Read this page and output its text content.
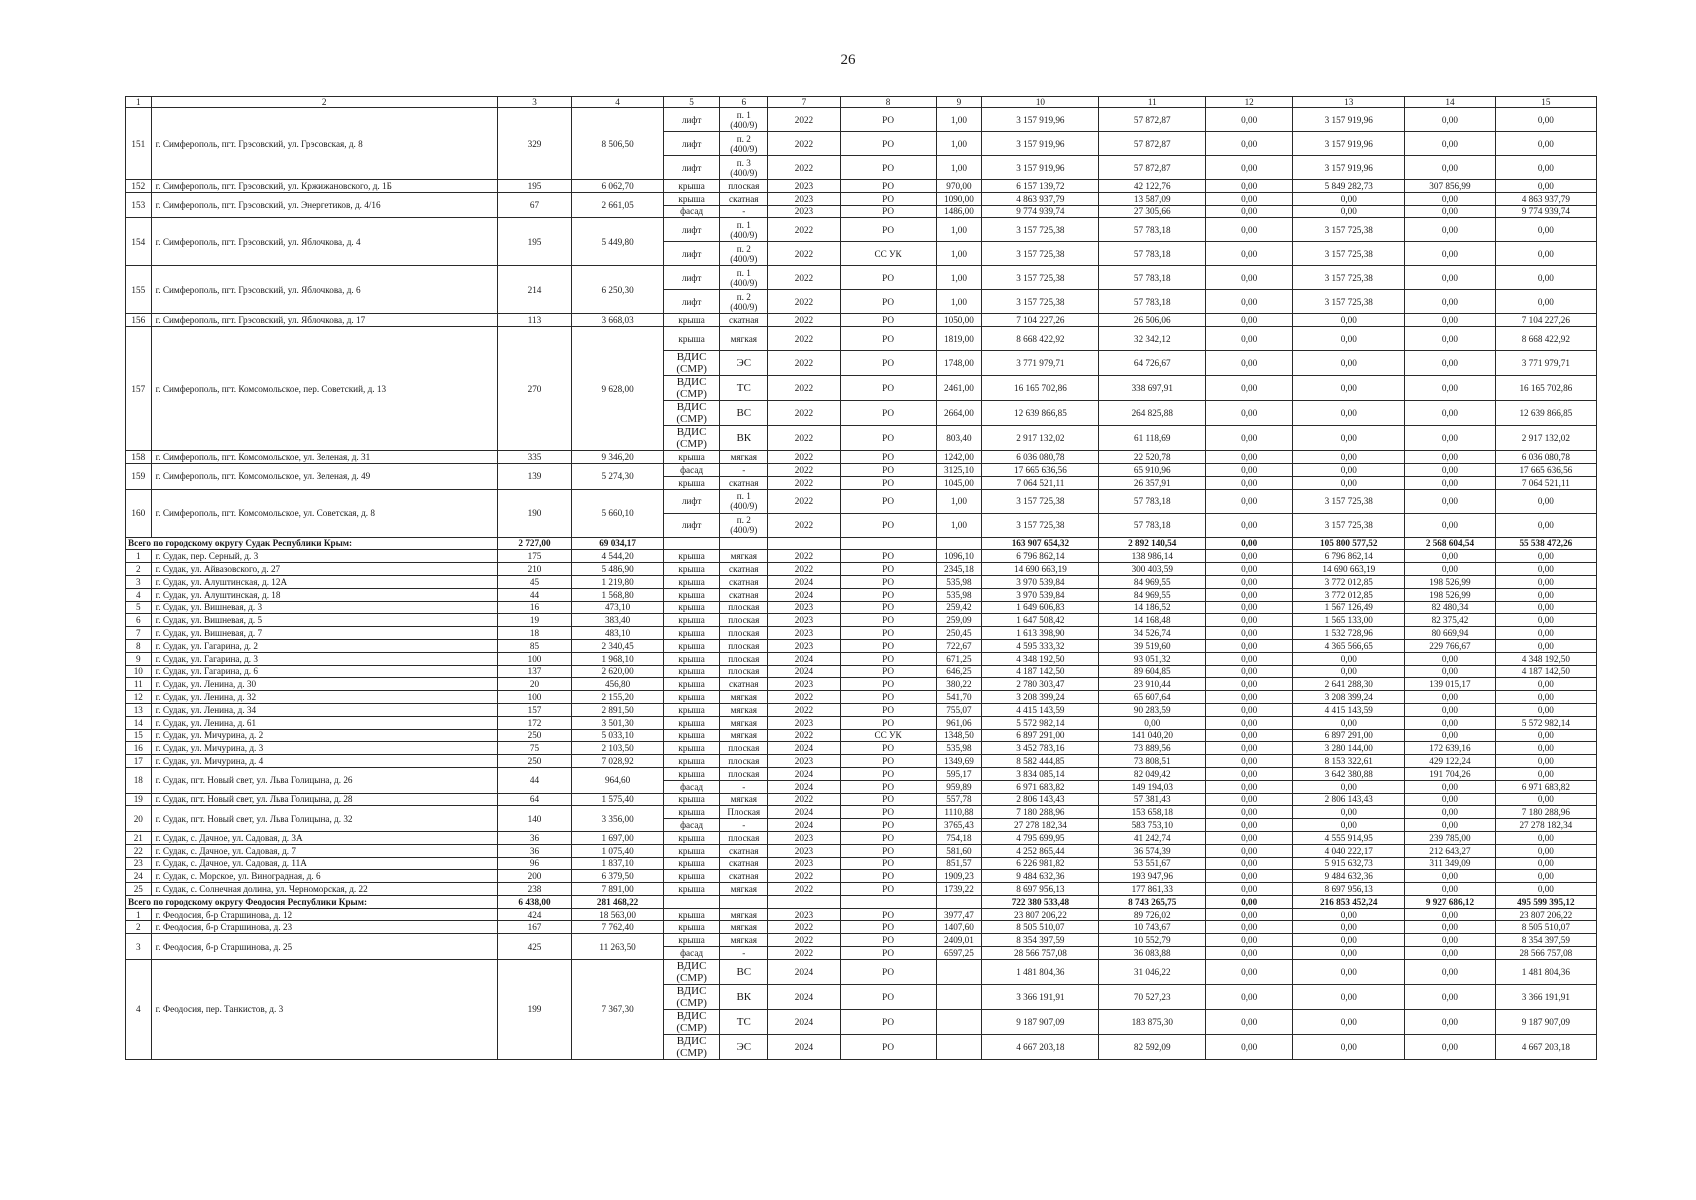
26
1	2	3	4	5	6	7	8	9	10	11	12	13	14	15
151	г. Симферополь, пгт. Грэсовский, ул. Грэсовская, д. 8	329	8 506,50	лифт	п. 1 (400/9)	2022	РО	1,00	3 157 919,96	57 872,87	0,00	3 157 919,96	0,00	0,00
				лифт	п. 2 (400/9)	2022	РО	1,00	3 157 919,96	57 872,87	0,00	3 157 919,96	0,00	0,00
				лифт	п. 3 (400/9)	2022	РО	1,00	3 157 919,96	57 872,87	0,00	3 157 919,96	0,00	0,00
152	г. Симферополь, пгт. Грэсовский, ул. Кржижановского, д. 1Б	195	6 062,70	крыша	плоская	2023	РО	970,00	6 157 139,72	42 122,76	0,00	5 849 282,73	307 856,99	0,00
153	г. Симферополь, пгт. Грэсовский, ул. Энергетиков, д. 4/16	67	2 661,05	крыша	скатная	2023	РО	1090,00	4 863 937,79	13 587,09	0,00	0,00	0,00	4 863 937,79
				фасад	-	2023	РО	1486,00	9 774 939,74	27 305,66	0,00	0,00	0,00	9 774 939,74
154	г. Симферополь, пгт. Грэсовский, ул. Яблочкова, д. 4	195	5 449,80	лифт	п. 1 (400/9)	2022	РО	1,00	3 157 725,38	57 783,18	0,00	3 157 725,38	0,00	0,00
				лифт	п. 2 (400/9)	2022	СС УК	1,00	3 157 725,38	57 783,18	0,00	3 157 725,38	0,00	0,00
155	г. Симферополь, пгт. Грэсовский, ул. Яблочкова, д. 6	214	6 250,30	лифт	п. 1 (400/9)	2022	РО	1,00	3 157 725,38	57 783,18	0,00	3 157 725,38	0,00	0,00
				лифт	п. 2 (400/9)	2022	РО	1,00	3 157 725,38	57 783,18	0,00	3 157 725,38	0,00	0,00
156	г. Симферополь, пгт. Грэсовский, ул. Яблочкова, д. 17	113	3 668,03	крыша	скатная	2022	РО	1050,00	7 104 227,26	26 506,06	0,00	0,00	0,00	7 104 227,26
157	г. Симферополь, пгт. Комсомольское, пер. Советский, д. 13	270	9 628,00	крыша	мягкая	2022	РО	1819,00	8 668 422,92	32 342,12	0,00	0,00	0,00	8 668 422,92
				ВДИС (СМР)	ЭС	2022	РО	1748,00	3 771 979,71	64 726,67	0,00	0,00	0,00	3 771 979,71
				ВДИС (СМР)	ТС	2022	РО	2461,00	16 165 702,86	338 697,91	0,00	0,00	0,00	16 165 702,86
				ВДИС (СМР)	ВС	2022	РО	2664,00	12 639 866,85	264 825,88	0,00	0,00	0,00	12 639 866,85
				ВДИС (СМР)	ВК	2022	РО	803,40	2 917 132,02	61 118,69	0,00	0,00	0,00	2 917 132,02
158	г. Симферополь, пгт. Комсомольское, ул. Зеленая, д. 31	335	9 346,20	крыша	мягкая	2022	РО	1242,00	6 036 080,78	22 520,78	0,00	0,00	0,00	6 036 080,78
159	г. Симферополь, пгт. Комсомольское, ул. Зеленая, д. 49	139	5 274,30	фасад	-	2022	РО	3125,10	17 665 636,56	65 910,96	0,00	0,00	0,00	17 665 636,56
				крыша	скатная	2022	РО	1045,00	7 064 521,11	26 357,91	0,00	0,00	0,00	7 064 521,11
160	г. Симферополь, пгт. Комсомольское, ул. Советская, д. 8	190	5 660,10	лифт	п. 1 (400/9)	2022	РО	1,00	3 157 725,38	57 783,18	0,00	3 157 725,38	0,00	0,00
				лифт	п. 2 (400/9)	2022	РО	1,00	3 157 725,38	57 783,18	0,00	3 157 725,38	0,00	0,00
Всего по городскому округу Судак Республики Крым:		2 727,00	69 034,17						163 907 654,32	2 892 140,54	0,00	105 800 577,52	2 568 604,54	55 538 472,26
1	г. Судак, пер. Серный, д. 3	175	4 544,20	крыша	мягкая	2022	РО	1096,10	6 796 862,14	138 986,14	0,00	6 796 862,14	0,00	0,00
2	г. Судак, ул. Айвазовского, д. 27	210	5 486,90	крыша	скатная	2022	РО	2345,18	14 690 663,19	300 403,59	0,00	14 690 663,19	0,00	0,00
3	г. Судак, ул. Алуштинская, д. 12А	45	1 219,80	крыша	скатная	2024	РО	535,98	3 970 539,84	84 969,55	0,00	3 772 012,85	198 526,99	0,00
4	г. Судак, ул. Алуштинская, д. 18	44	1 568,80	крыша	скатная	2024	РО	535,98	3 970 539,84	84 969,55	0,00	3 772 012,85	198 526,99	0,00
5	г. Судак, ул. Вишневая, д. 3	16	473,10	крыша	плоская	2023	РО	259,42	1 649 606,83	14 186,52	0,00	1 567 126,49	82 480,34	0,00
6	г. Судак, ул. Вишневая, д. 5	19	383,40	крыша	плоская	2023	РО	259,09	1 647 508,42	14 168,48	0,00	1 565 133,00	82 375,42	0,00
7	г. Судак, ул. Вишневая, д. 7	18	483,10	крыша	плоская	2023	РО	250,45	1 613 398,90	34 526,74	0,00	1 532 728,96	80 669,94	0,00
8	г. Судак, ул. Гагарина, д. 2	85	2 340,45	крыша	плоская	2023	РО	722,67	4 595 333,32	39 519,60	0,00	4 365 566,65	229 766,67	0,00
9	г. Судак, ул. Гагарина, д. 3	100	1 968,10	крыша	плоская	2024	РО	671,25	4 348 192,50	93 051,32	0,00	0,00	0,00	4 348 192,50
10	г. Судак, ул. Гагарина, д. 6	137	2 620,00	крыша	плоская	2024	РО	646,25	4 187 142,50	89 604,85	0,00	0,00	0,00	4 187 142,50
11	г. Судак, ул. Ленина, д. 30	20	456,80	крыша	скатная	2023	РО	380,22	2 780 303,47	23 910,44	0,00	2 641 288,30	139 015,17	0,00
12	г. Судак, ул. Ленина, д. 32	100	2 155,20	крыша	мягкая	2022	РО	541,70	3 208 399,24	65 607,64	0,00	3 208 399,24	0,00	0,00
13	г. Судак, ул. Ленина, д. 34	157	2 891,50	крыша	мягкая	2022	РО	755,07	4 415 143,59	90 283,59	0,00	4 415 143,59	0,00	0,00
14	г. Судак, ул. Ленина, д. 61	172	3 501,30	крыша	мягкая	2023	РО	961,06	5 572 982,14	0,00	0,00	0,00	0,00	5 572 982,14
15	г. Судак, ул. Мичурина, д. 2	250	5 033,10	крыша	мягкая	2022	СС УК	1348,50	6 897 291,00	141 040,20	0,00	6 897 291,00	0,00	0,00
16	г. Судак, ул. Мичурина, д. 3	75	2 103,50	крыша	плоская	2024	РО	535,98	3 452 783,16	73 889,56	0,00	3 280 144,00	172 639,16	0,00
17	г. Судак, ул. Мичурина, д. 4	250	7 028,92	крыша	плоская	2023	РО	1349,69	8 582 444,85	73 808,51	0,00	8 153 322,61	429 122,24	0,00
18	г. Судак, пгт. Новый свет, ул. Льва Голицына, д. 26	44	964,60	крыша	плоская	2024	РО	595,17	3 834 085,14	82 049,42	0,00	3 642 380,88	191 704,26	0,00
				фасад	-	2024	РО	959,89	6 971 683,82	149 194,03	0,00	0,00	0,00	6 971 683,82
19	г. Судак, пгт. Новый свет, ул. Льва Голицына, д. 28	64	1 575,40	крыша	мягкая	2022	РО	557,78	2 806 143,43	57 381,43	0,00	2 806 143,43	0,00	0,00
20	г. Судак, пгт. Новый свет, ул. Льва Голицына, д. 32	140	3 356,00	крыша	Плоская	2024	РО	1110,88	7 180 288,96	153 658,18	0,00	0,00	0,00	7 180 288,96
				фасад	-	2024	РО	3765,43	27 278 182,34	583 753,10	0,00	0,00	0,00	27 278 182,34
21	г. Судак, с. Дачное, ул. Садовая, д. 3А	36	1 697,00	крыша	плоская	2023	РО	754,18	4 795 699,95	41 242,74	0,00	4 555 914,95	239 785,00	0,00
22	г. Судак, с. Дачное, ул. Садовая, д. 7	36	1 075,40	крыша	скатная	2023	РО	581,60	4 252 865,44	36 574,39	0,00	4 040 222,17	212 643,27	0,00
23	г. Судак, с. Дачное, ул. Садовая, д. 11А	96	1 837,10	крыша	скатная	2023	РО	851,57	6 226 981,82	53 551,67	0,00	5 915 632,73	311 349,09	0,00
24	г. Судак, с. Морское, ул. Виноградная, д. 6	200	6 379,50	крыша	скатная	2022	РО	1909,23	9 484 632,36	193 947,96	0,00	9 484 632,36	0,00	0,00
25	г. Судак, с. Солнечная долина, ул. Черноморская, д. 22	238	7 891,00	крыша	мягкая	2022	РО	1739,22	8 697 956,13	177 861,33	0,00	8 697 956,13	0,00	0,00
Всего по городскому округу Феодосия Республики Крым:		6 438,00	281 468,22						722 380 533,48	8 743 265,75	0,00	216 853 452,24	9 927 686,12	495 599 395,12
1	г. Феодосия, б-р Старшинова, д. 12	424	18 563,00	крыша	мягкая	2023	РО	3977,47	23 807 206,22	89 726,02	0,00	0,00	0,00	23 807 206,22
2	г. Феодосия, б-р Старшинова, д. 23	167	7 762,40	крыша	мягкая	2022	РО	1407,60	8 505 510,07	10 743,67	0,00	0,00	0,00	8 505 510,07
3	г. Феодосия, б-р Старшинова, д. 25	425	11 263,50	крыша	мягкая	2022	РО	2409,01	8 354 397,59	10 552,79	0,00	0,00	0,00	8 354 397,59
				фасад	-	2022	РО	6597,25	28 566 757,08	36 083,88	0,00	0,00	0,00	28 566 757,08
4	г. Феодосия, пер. Танкистов, д. 3	199	7 367,30	ВДИС (СМР)	ВС	2024	РО		1 481 804,36	31 046,22	0,00	0,00	0,00	1 481 804,36
				ВДИС (СМР)	ВК	2024	РО		3 366 191,91	70 527,23	0,00	0,00	0,00	3 366 191,91
				ВДИС (СМР)	ТС	2024	РО		9 187 907,09	183 875,30	0,00	0,00	0,00	9 187 907,09
				ВДИС (СМР)	ЭС	2024	РО		4 667 203,18	82 592,09	0,00	0,00	0,00	4 667 203,18
